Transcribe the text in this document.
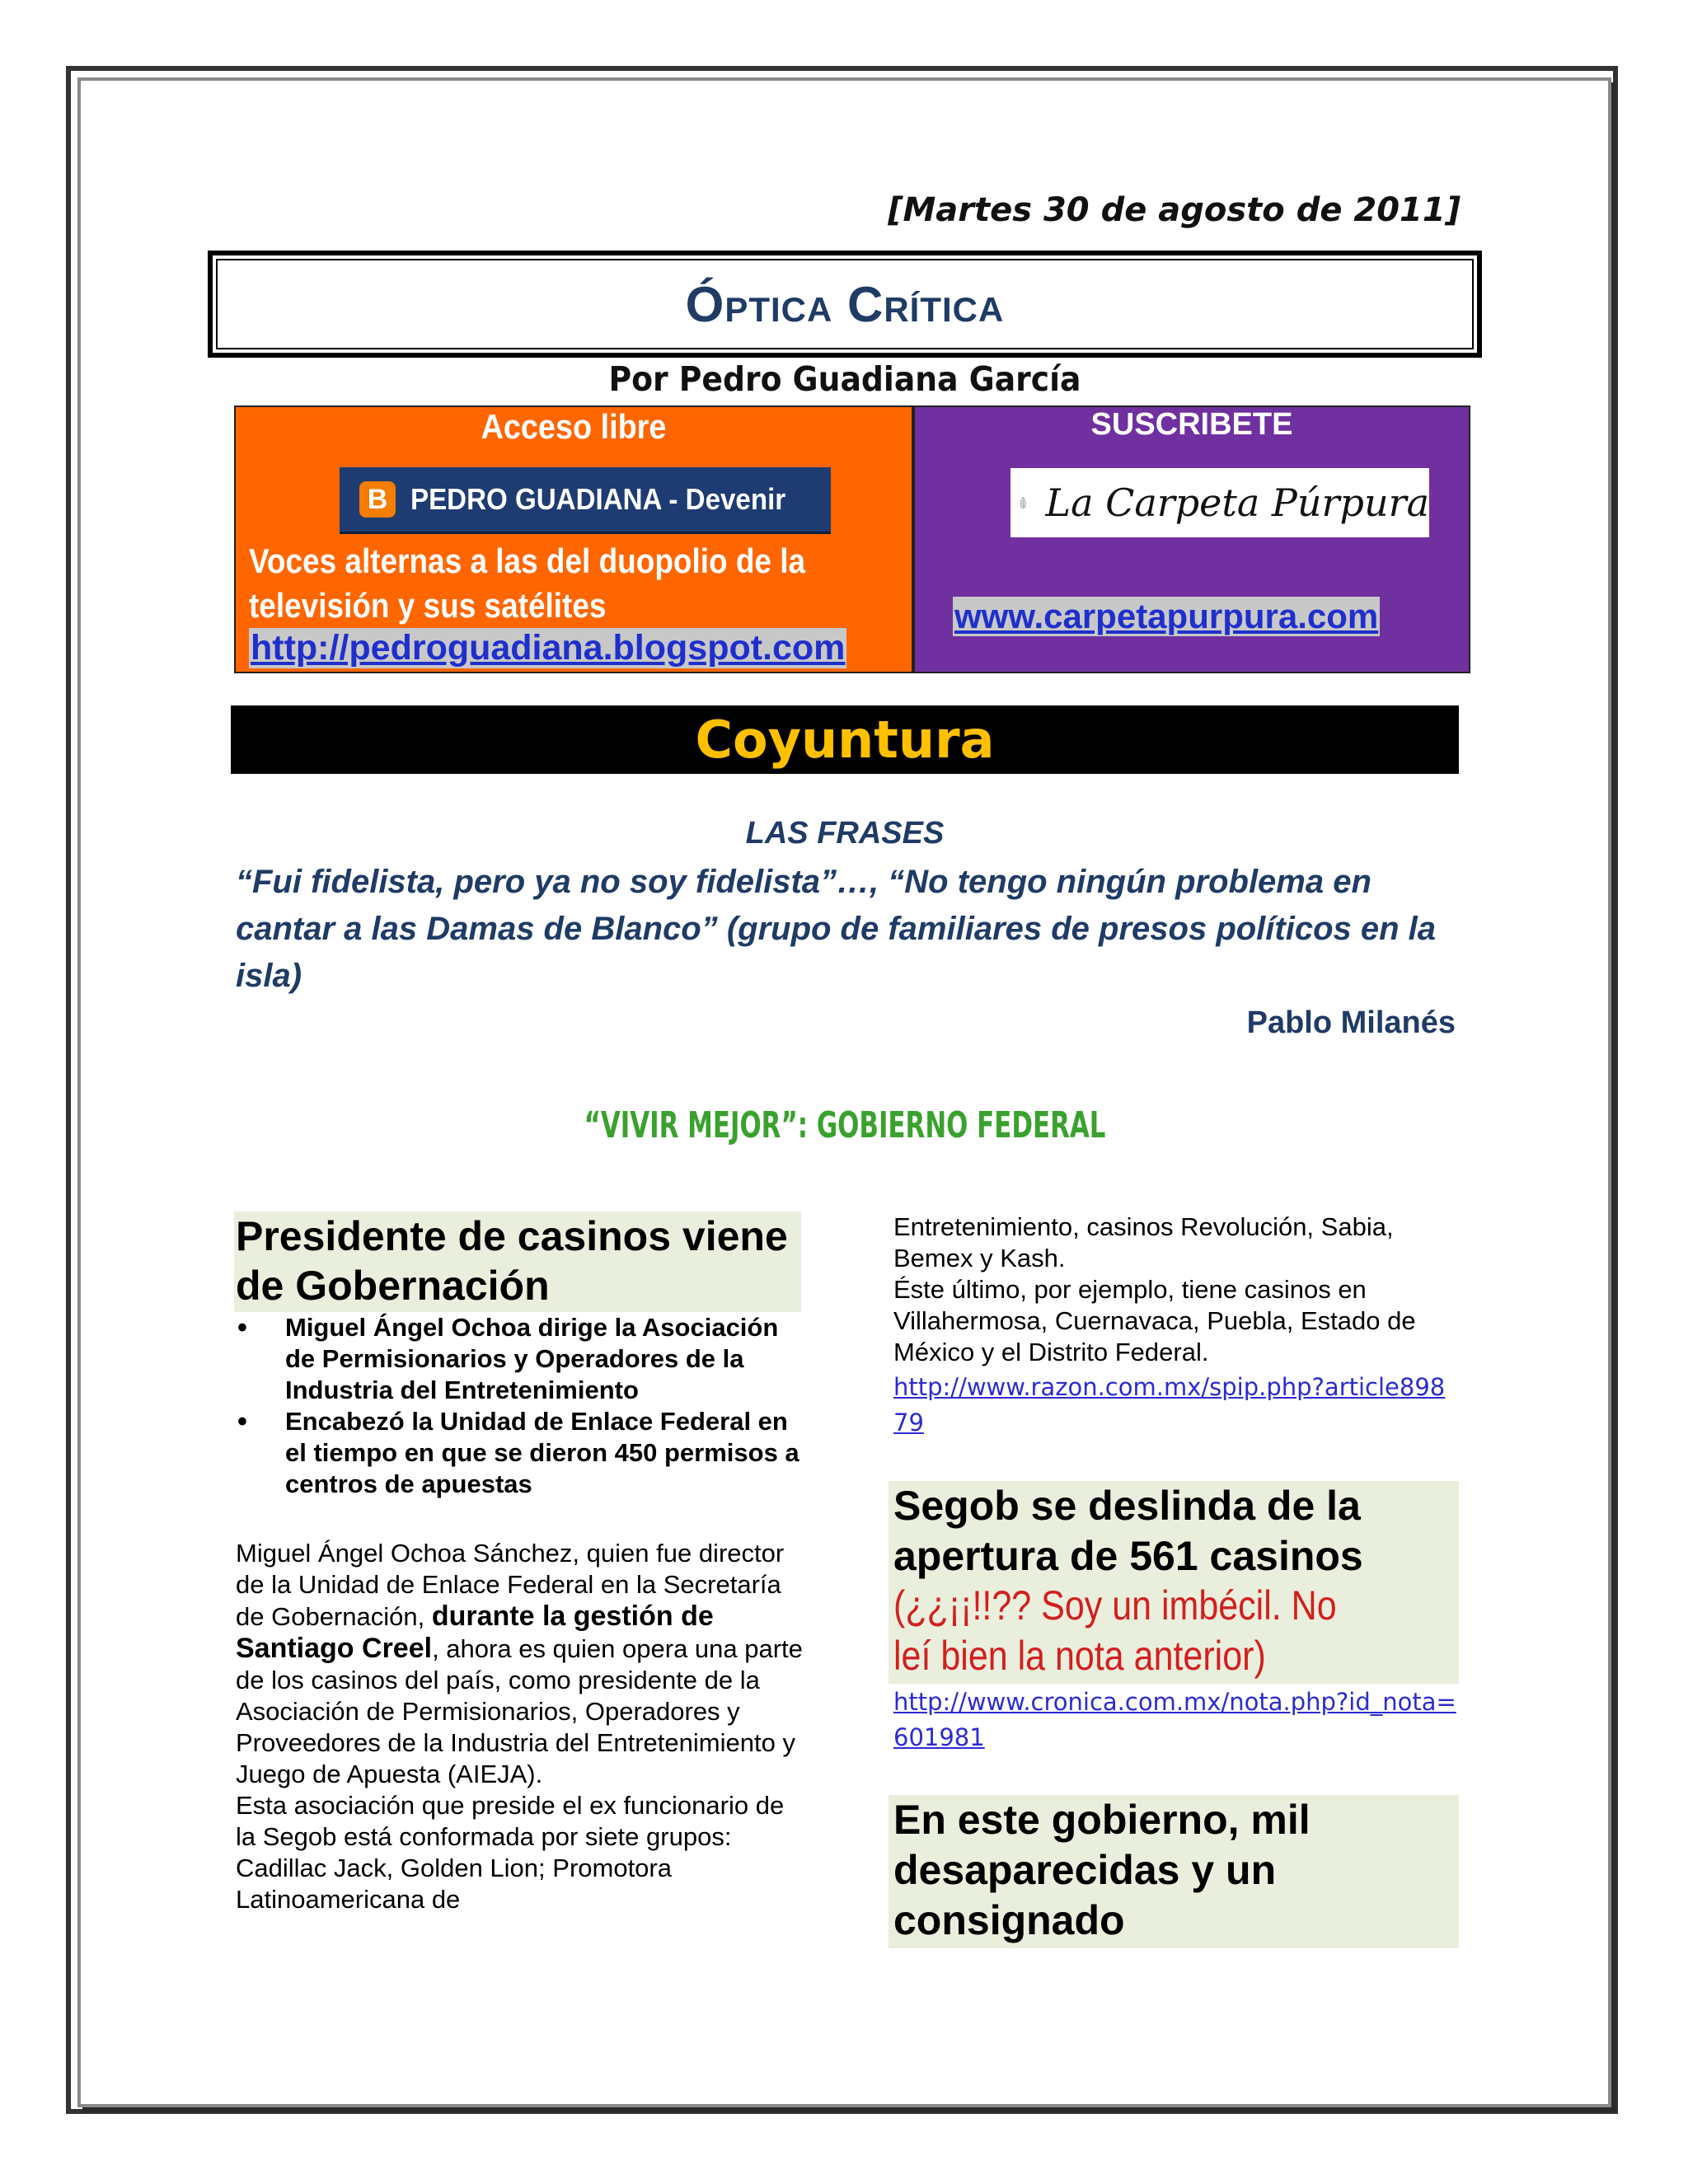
[Martes 30 de agosto de 2011]
Óptica Crítica
Por Pedro Guadiana García
Acceso libre
B PEDRO GUADIANA - Devenir
Voces alternas a las del duopolio de la televisión y sus satélites
http://pedroguadiana.blogspot.com
SUSCRIBETE
La Carpeta Púrpura
www.carpetapurpura.com
Coyuntura
LAS FRASES
“Fui fidelista, pero ya no soy fidelista”…, “No tengo ningún problema en cantar a las Damas de Blanco” (grupo de familiares de presos políticos en la isla)
Pablo Milanés
“VIVIR MEJOR”: GOBIERNO FEDERAL
Presidente de casinos viene de Gobernación
• Miguel Ángel Ochoa dirige la Asociación de Permisionarios y Operadores de la Industria del Entretenimiento
• Encabezó la Unidad de Enlace Federal en el tiempo en que se dieron 450 permisos a centros de apuestas
Miguel Ángel Ochoa Sánchez, quien fue director de la Unidad de Enlace Federal en la Secretaría de Gobernación, durante la gestión de Santiago Creel, ahora es quien opera una parte de los casinos del país, como presidente de la Asociación de Permisionarios, Operadores y Proveedores de la Industria del Entretenimiento y Juego de Apuesta (AIEJA).
Esta asociación que preside el ex funcionario de la Segob está conformada por siete grupos: Cadillac Jack, Golden Lion; Promotora Latinoamericana de
Entretenimiento, casinos Revolución, Sabia, Bemex y Kash.
Éste último, por ejemplo, tiene casinos en Villahermosa, Cuernavaca, Puebla, Estado de México y el Distrito Federal.
http://www.razon.com.mx/spip.php?article89879
Segob se deslinda de la apertura de 561 casinos
(¿¿¡¡!!?? Soy un imbécil. No leí bien la nota anterior)
http://www.cronica.com.mx/nota.php?id_nota=601981
En este gobierno, mil desaparecidas y un consignado
